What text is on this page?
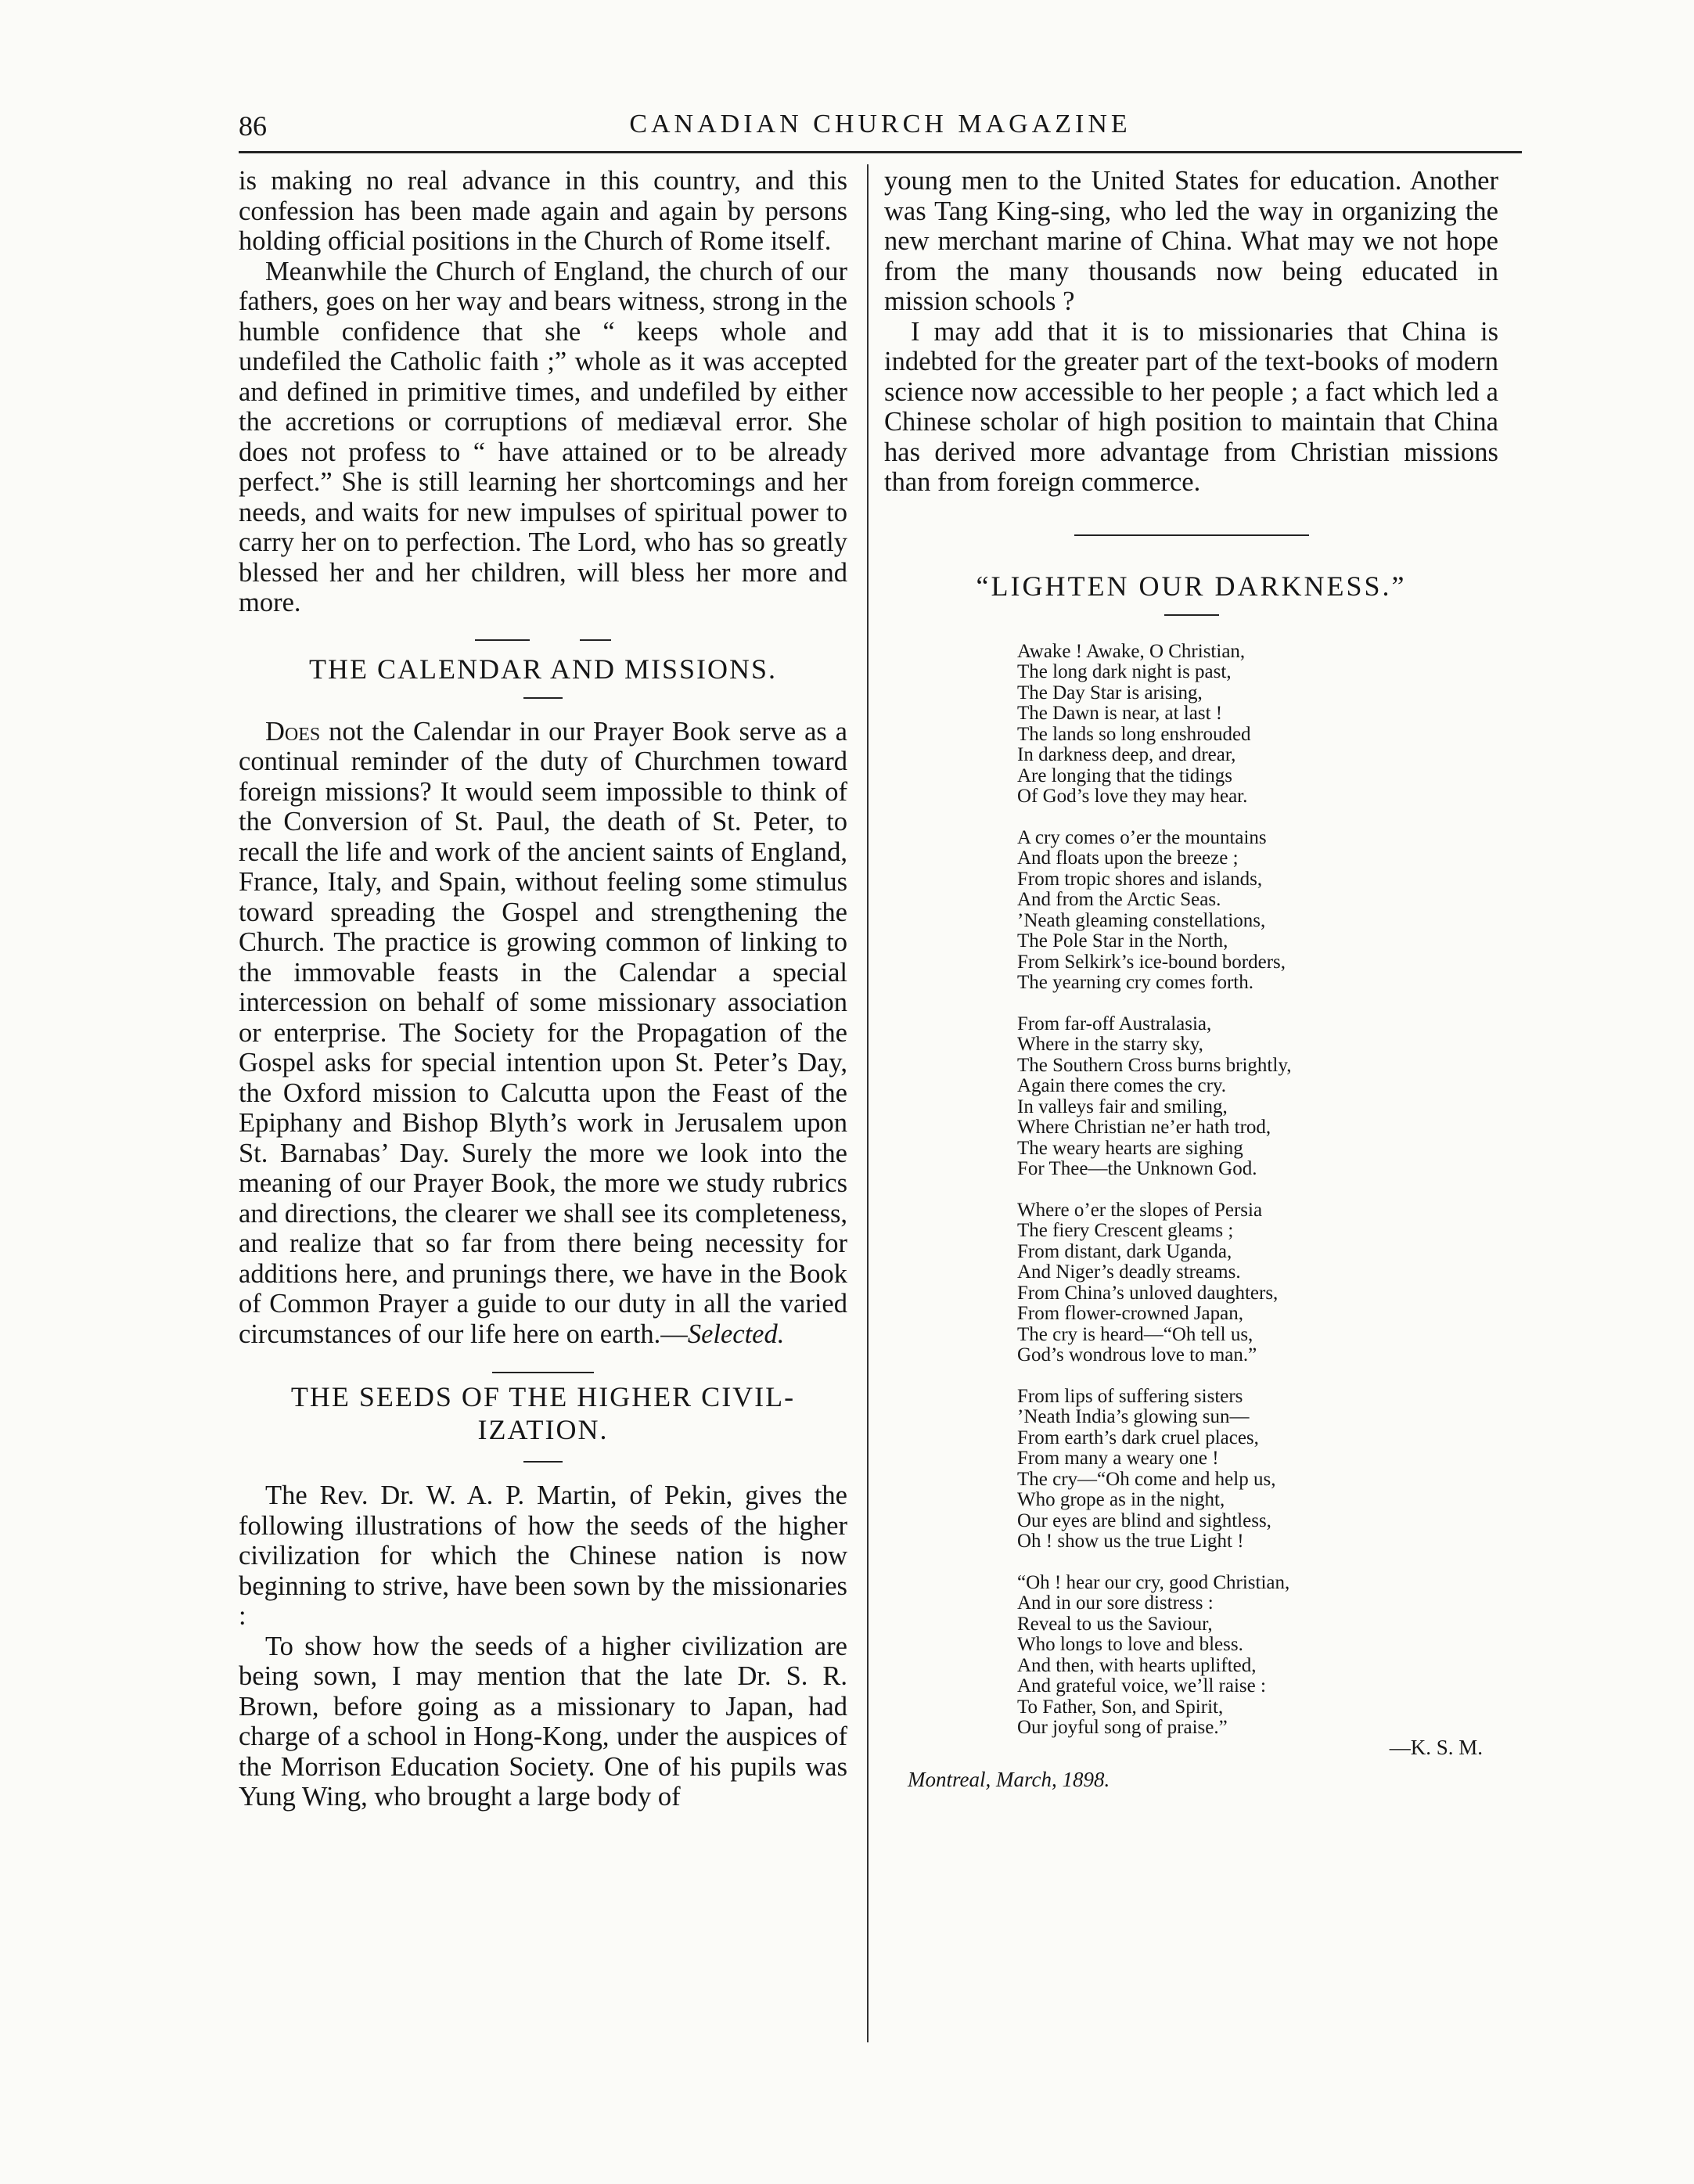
86	CANADIAN CHURCH MAGAZINE

is making no real advance in this country, and this confession has been made again and again by persons holding official positions in the Church of Rome itself.

Meanwhile the Church of England, the church of our fathers, goes on her way and bears witness, strong in the humble confidence that she “ keeps whole and undefiled the Catholic faith ;” whole as it was accepted and defined in primitive times, and undefiled by either the accretions or corruptions of mediæval error. She does not profess to “ have attained or to be already perfect.” She is still learning her shortcomings and her needs, and waits for new impulses of spiritual power to carry her on to perfection. The Lord, who has so greatly blessed her and her children, will bless her more and more.

THE CALENDAR AND MISSIONS.

Does not the Calendar in our Prayer Book serve as a continual reminder of the duty of Churchmen toward foreign missions? It would seem impossible to think of the Conversion of St. Paul, the death of St. Peter, to recall the life and work of the ancient saints of England, France, Italy, and Spain, without feeling some stimulus toward spreading the Gospel and strengthening the Church. The practice is growing common of linking to the immovable feasts in the Calendar a special intercession on behalf of some missionary association or enterprise. The Society for the Propagation of the Gospel asks for special intention upon St. Peter’s Day, the Oxford mission to Calcutta upon the Feast of the Epiphany and Bishop Blyth’s work in Jerusalem upon St. Barnabas’ Day. Surely the more we look into the meaning of our Prayer Book, the more we study rubrics and directions, the clearer we shall see its completeness, and realize that so far from there being necessity for additions here, and prunings there, we have in the Book of Common Prayer a guide to our duty in all the varied circumstances of our life here on earth.—Selected.

THE SEEDS OF THE HIGHER CIVIL-
IZATION.

The Rev. Dr. W. A. P. Martin, of Pekin, gives the following illustrations of how the seeds of the higher civilization for which the Chinese nation is now beginning to strive, have been sown by the missionaries :

To show how the seeds of a higher civilization are being sown, I may mention that the late Dr. S. R. Brown, before going as a missionary to Japan, had charge of a school in Hong-Kong, under the auspices of the Morrison Education Society. One of his pupils was Yung Wing, who brought a large body of

young men to the United States for education. Another was Tang King-sing, who led the way in organizing the new merchant marine of China. What may we not hope from the many thousands now being educated in mission schools ?

I may add that it is to missionaries that China is indebted for the greater part of the text-books of modern science now accessible to her people ; a fact which led a Chinese scholar of high position to maintain that China has derived more advantage from Christian missions than from foreign commerce.

“LIGHTEN OUR DARKNESS.”
Awake ! Awake, O Christian,
The long dark night is past,
The Day Star is arising,
The Dawn is near, at last !
The lands so long enshrouded
In darkness deep, and drear,
Are longing that the tidings
Of God’s love they may hear.
A cry comes o’er the mountains
And floats upon the breeze ;
From tropic shores and islands,
And from the Arctic Seas.
’Neath gleaming constellations,
The Pole Star in the North,
From Selkirk’s ice-bound borders,
The yearning cry comes forth.
From far-off Australasia,
Where in the starry sky,
The Southern Cross burns brightly,
Again there comes the cry.
In valleys fair and smiling,
Where Christian ne’er hath trod,
The weary hearts are sighing
For Thee—the Unknown God.
Where o’er the slopes of Persia
The fiery Crescent gleams ;
From distant, dark Uganda,
And Niger’s deadly streams.
From China’s unloved daughters,
From flower-crowned Japan,
The cry is heard—“Oh tell us,
God’s wondrous love to man.”
From lips of suffering sisters
’Neath India’s glowing sun—
From earth’s dark cruel places,
From many a weary one !
The cry—“Oh come and help us,
Who grope as in the night,
Our eyes are blind and sightless,
Oh ! show us the true Light !
“Oh ! hear our cry, good Christian,
And in our sore distress :
Reveal to us the Saviour,
Who longs to love and bless.
And then, with hearts uplifted,
And grateful voice, we’ll raise :
To Father, Son, and Spirit,
Our joyful song of praise.”
—K. S. M.
Montreal, March, 1898.
